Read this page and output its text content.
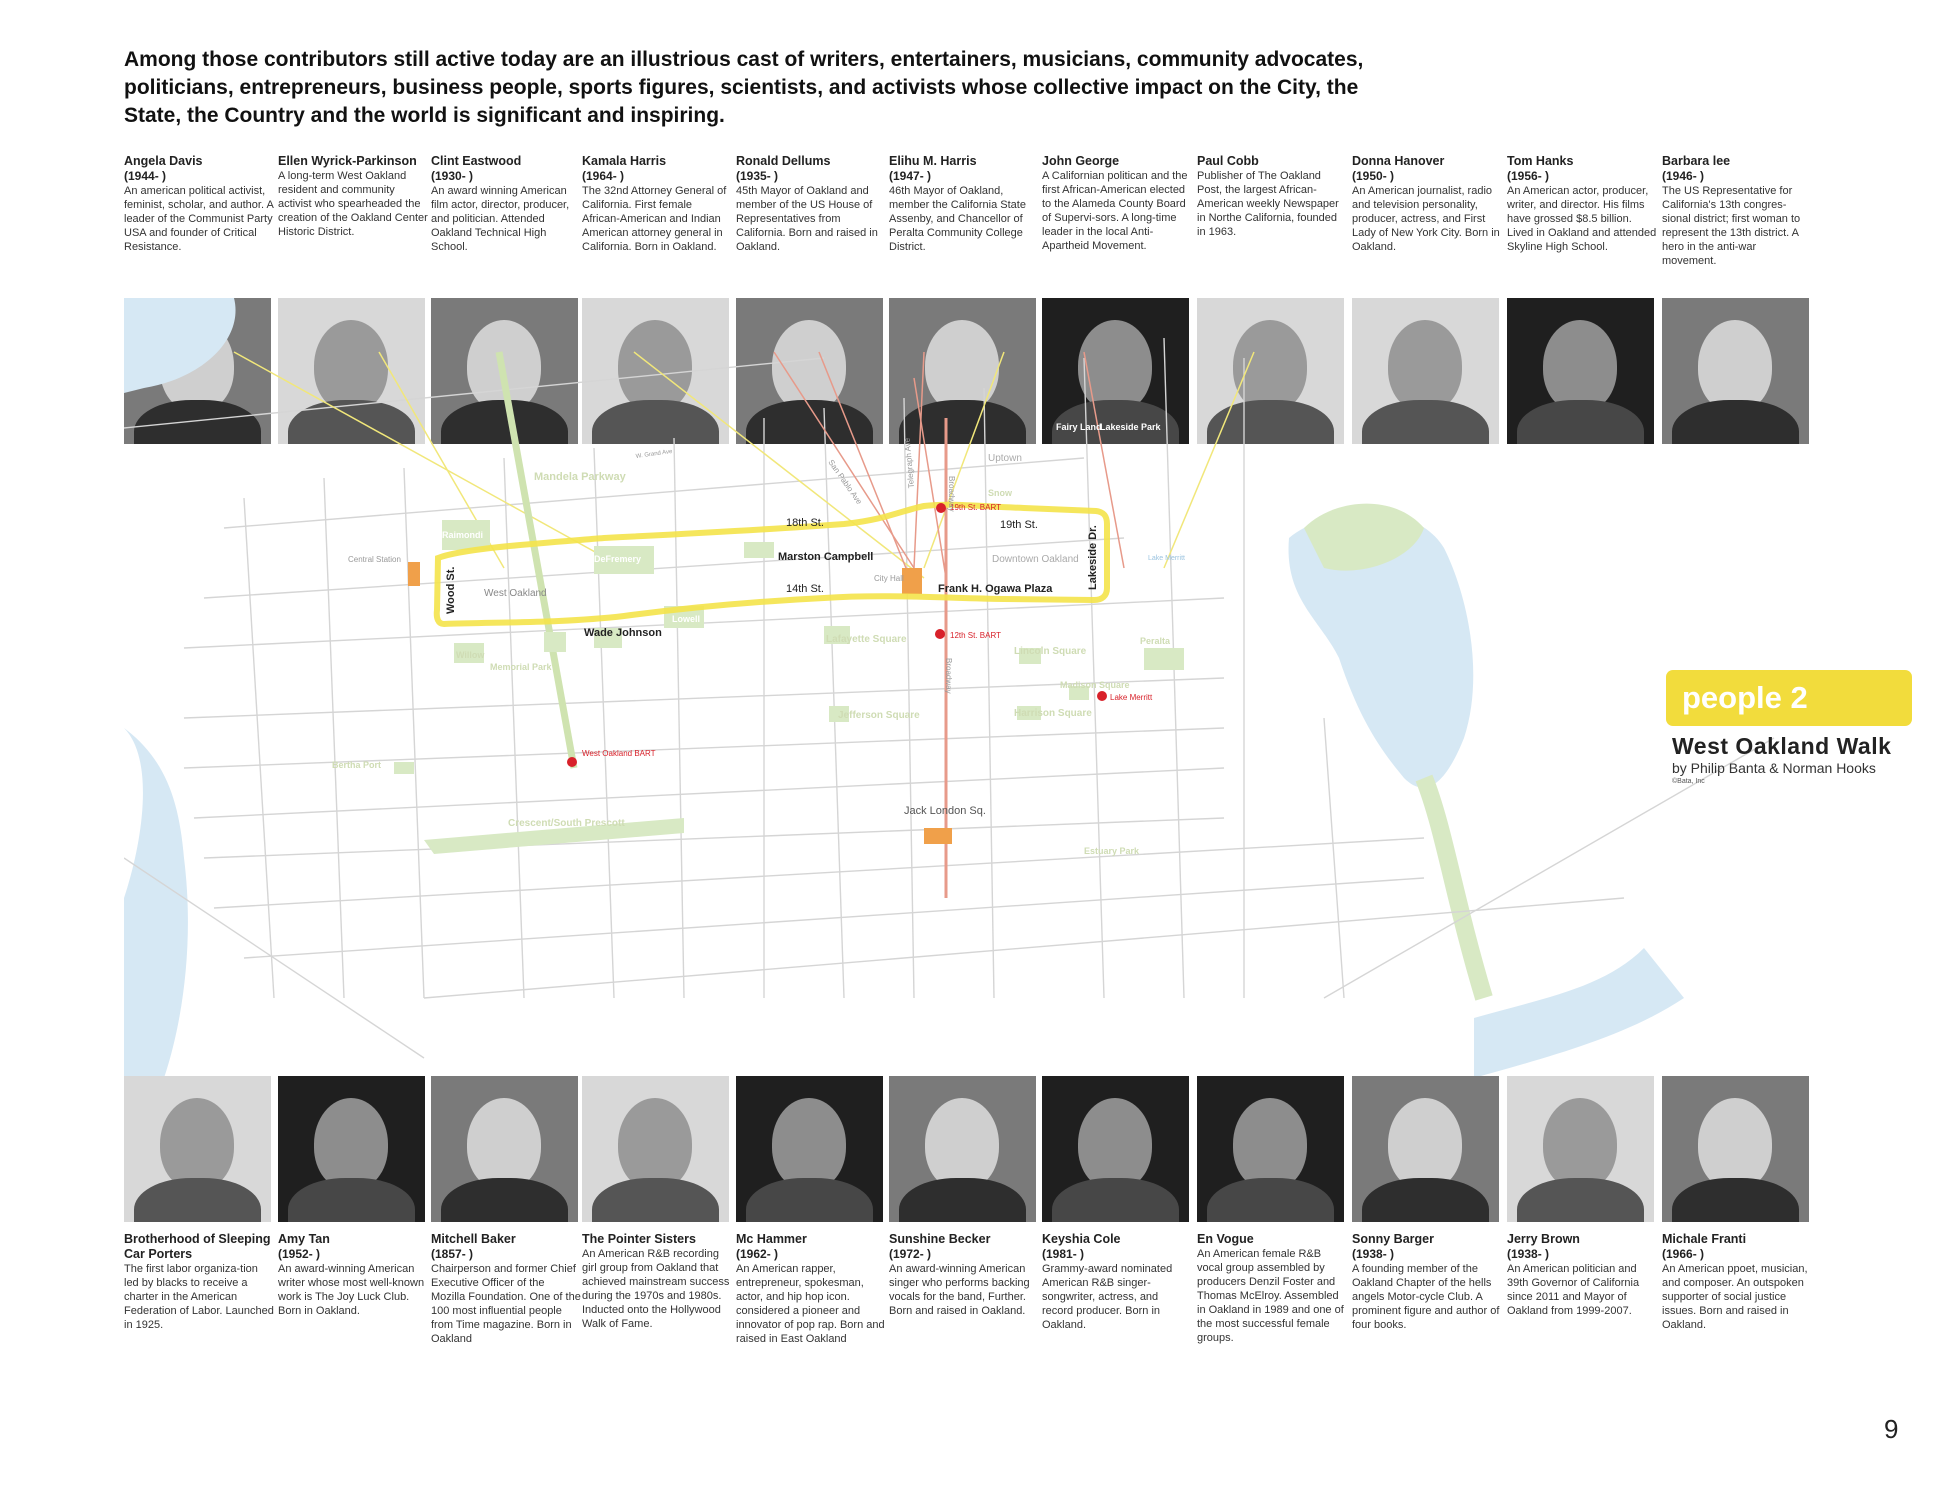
Among those contributors still active today are an illustrious cast of writers, entertainers, musicians, community advocates, politicians, entrepreneurs, business people, sports figures, scientists, and activists whose collective impact on the City, the State, the Country and the world is significant and inspiring.
Angela Davis
(1944- )
An american political activist, feminist, scholar, and author. A leader of the Communist Party USA and founder of Critical Resistance.
Ellen Wyrick-Parkinson
A long-term West Oakland resident and community activist who spearheaded the creation of the Oakland Center Historic District.
Clint Eastwood
(1930- )
An award winning American film actor, director, producer, and politician. Attended Oakland Technical High School.
Kamala Harris
(1964- )
The 32nd Attorney General of California. First female African-American and Indian American attorney general in California. Born in Oakland.
Ronald Dellums
(1935- )
45th Mayor of Oakland and member of the US House of Representatives from California. Born and raised in Oakland.
Elihu M. Harris
(1947- )
46th Mayor of Oakland, member the California State Assenby, and Chancellor of Peralta Community College District.
John George
A Californian politican and the first African-American elected to the Alameda County Board of Supervi-sors. A long-time leader in the local Anti-Apartheid Movement.
Paul Cobb
Publisher of The Oakland Post, the largest African-American weekly Newspaper in Northe California, founded in 1963.
Donna Hanover
(1950- )
An American journalist, radio and television personality, producer, actress, and First Lady of New York City. Born in Oakland.
Tom Hanks
(1956- )
An American actor, producer, writer, and director. His films have grossed $8.5 billion. Lived in Oakland and attended Skyline High School.
Barbara lee
(1946- )
The US Representative for California's 13th congres-sional district; first woman to represent the 13th district. A hero in the anti-war movement.
W. Grand Ave
18th St.	19th St.
14th St.
12th St. BART
19th St. BART
West Oakland BART
Lake Merritt
Uptown
Downtown Oakland
West Oakland
Central Station
City Hall
Marston Campbell
Frank H. Ogawa Plaza
Wade Johnson
Jack London Sq.
Wood St.
Lakeside Dr.
Telegraph Ave
Broadway
Broadway
San Pablo Ave
Mandela Parkway
Raimondi
DeFremery
Lowell
Willow
Memorial Park
Lafayette Square
Lincoln Square
Madison Square
Jefferson Square	Harrison Square
Bertha Port
Crescent/South Prescott
Estuary Park
Fairy Land
Lakeside Park
Snow
Peralta
Lake Merritt
Brotherhood of Sleeping Car Porters
The first labor organiza-tion led by blacks to receive a charter in the American Federation of Labor. Launched in 1925.
Amy Tan
(1952- )
An award-winning American writer whose most well-known work is The Joy Luck Club. Born in Oakland.
Mitchell Baker
(1857- )
Chairperson and former Chief Executive Officer of the Mozilla Foundation. One of the 100 most influential people from Time magazine. Born in Oakland
The Pointer Sisters
An American R&B recording girl group from Oakland that achieved mainstream success during the 1970s and 1980s. Inducted onto the Hollywood Walk of Fame.
Mc Hammer
(1962- )
An American rapper, entrepreneur, spokesman, actor, and hip hop icon. considered a pioneer and innovator of pop rap. Born and raised in East Oakland
Sunshine Becker
(1972- )
An award-winning American singer who performs backing vocals for the band, Further. Born and raised in Oakland.
Keyshia Cole
(1981- )
Grammy-award nominated American R&B singer-songwriter, actress, and record producer. Born in Oakland.
En Vogue
An American female R&B vocal group assembled by producers Denzil Foster and Thomas McElroy. Assembled in Oakland in 1989 and one of the most successful female groups.
Sonny Barger
(1938- )
A founding member of the Oakland Chapter of the hells angels Motor-cycle Club. A prominent figure and author of four books.
Jerry Brown
(1938- )
An American politician and 39th Governor of California since 2011 and Mayor of Oakland from 1999-2007.
Michale Franti
(1966- )
An American ppoet, musician, and composer. An outspoken supporter of social justice issues. Born and raised in Oakland.
people 2
West Oakland Walk
by Philip Banta & Norman Hooks
©Bata, Inc
9
